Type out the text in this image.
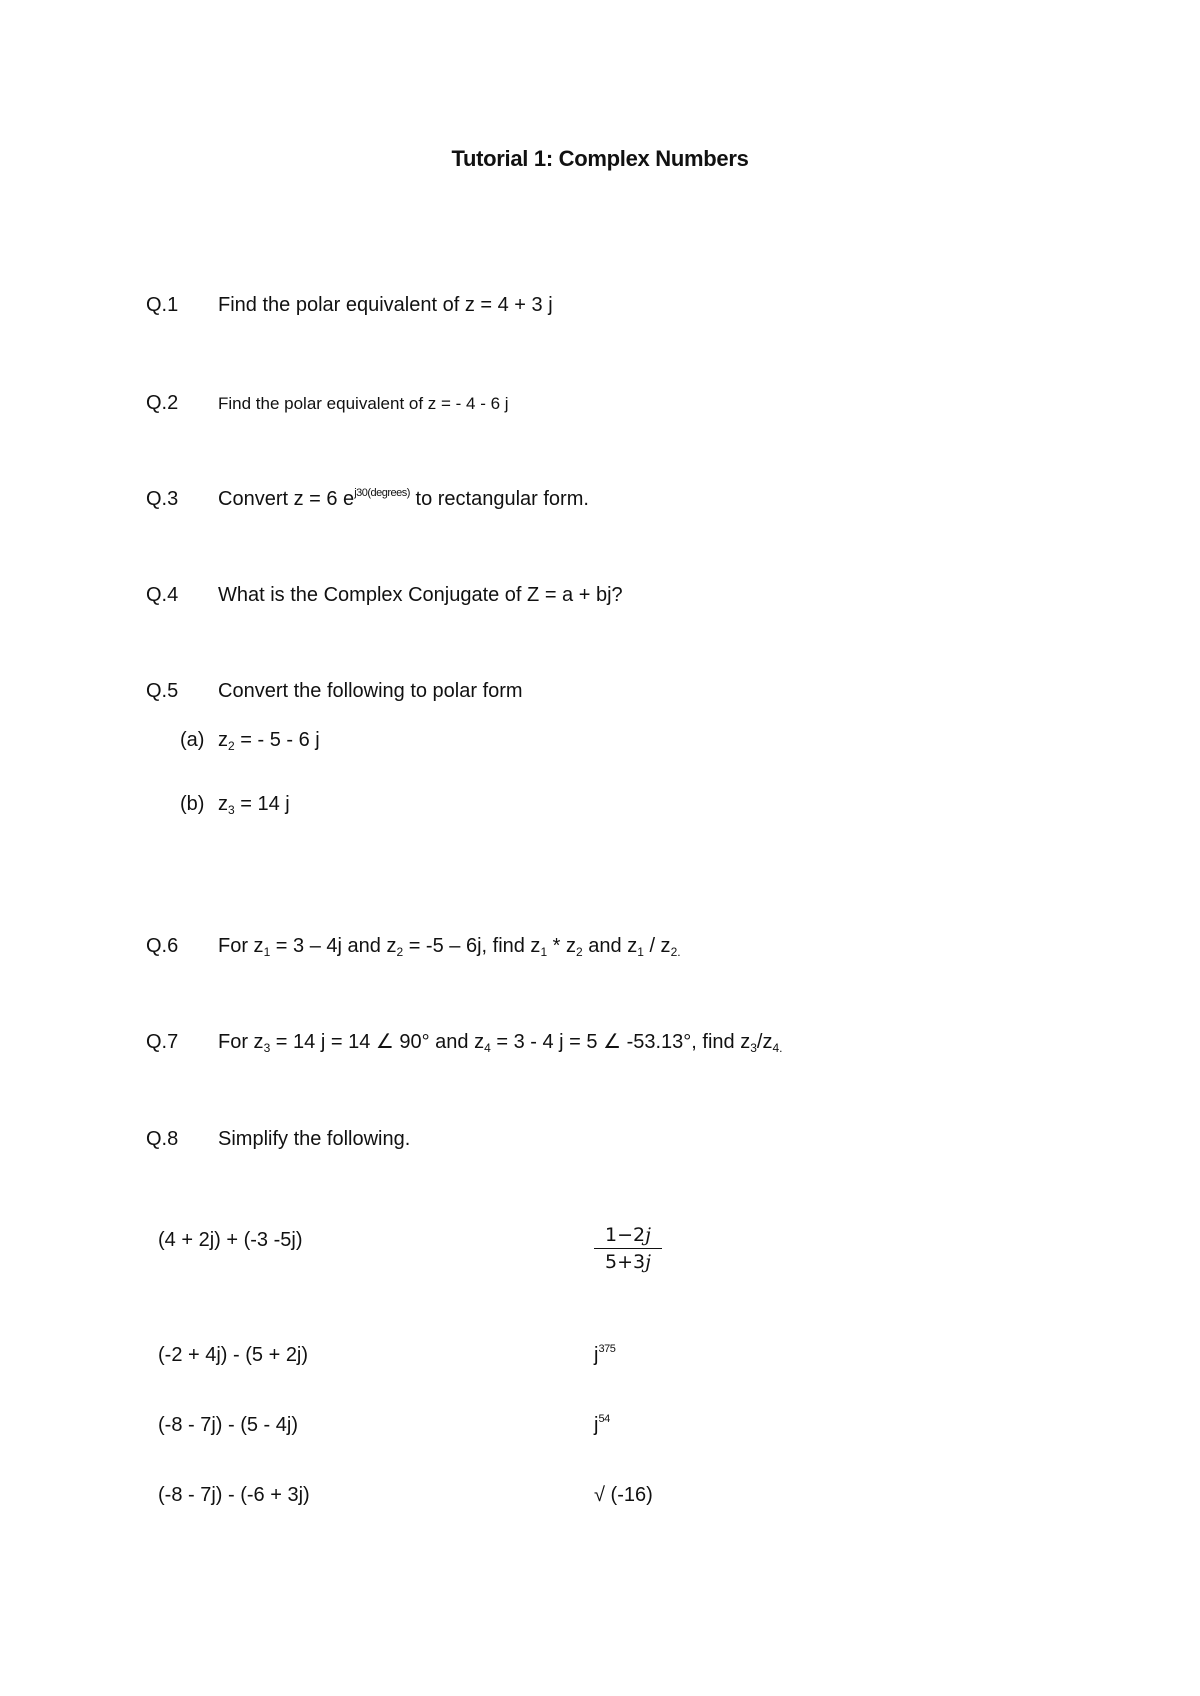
Tutorial 1: Complex Numbers
Q.1 Find the polar equivalent of z = 4 + 3 j
Q.2 Find the polar equivalent of z = - 4 - 6 j
Q.3 Convert z = 6 $e^{j30(degrees)}$ to rectangular form.
Q.4 What is the Complex Conjugate of Z = a + bj?
Q.5 Convert the following to polar form
(a) $z_2$ = - 5 - 6 j
(b) $z_3 = 14$ j
Q.6 For $z_1 = 3 - 4j$ and $z_2 = -5 - 6j$, find $z_1 * z_2$ and $z_1 / z_{2.}$
Q.7 For $z_3 = 14$ j = 14 ∠ 90° and $z_4 = 3 - 4$ j = 5 ∠ -53.13°, find $z_3/z_{4.}$
Q.8 Simplify the following.
(4 + 2j) + (-3 -5j)
(-2 + 4j) - (5 + 2j)
(-8 - 7j) - (5 - 4j)
(-8 - 7j) - (-6 + 3j)
$\frac{1-2j}{5+3j}$
$j^{375}$
$j^{54}$
√ (-16)
